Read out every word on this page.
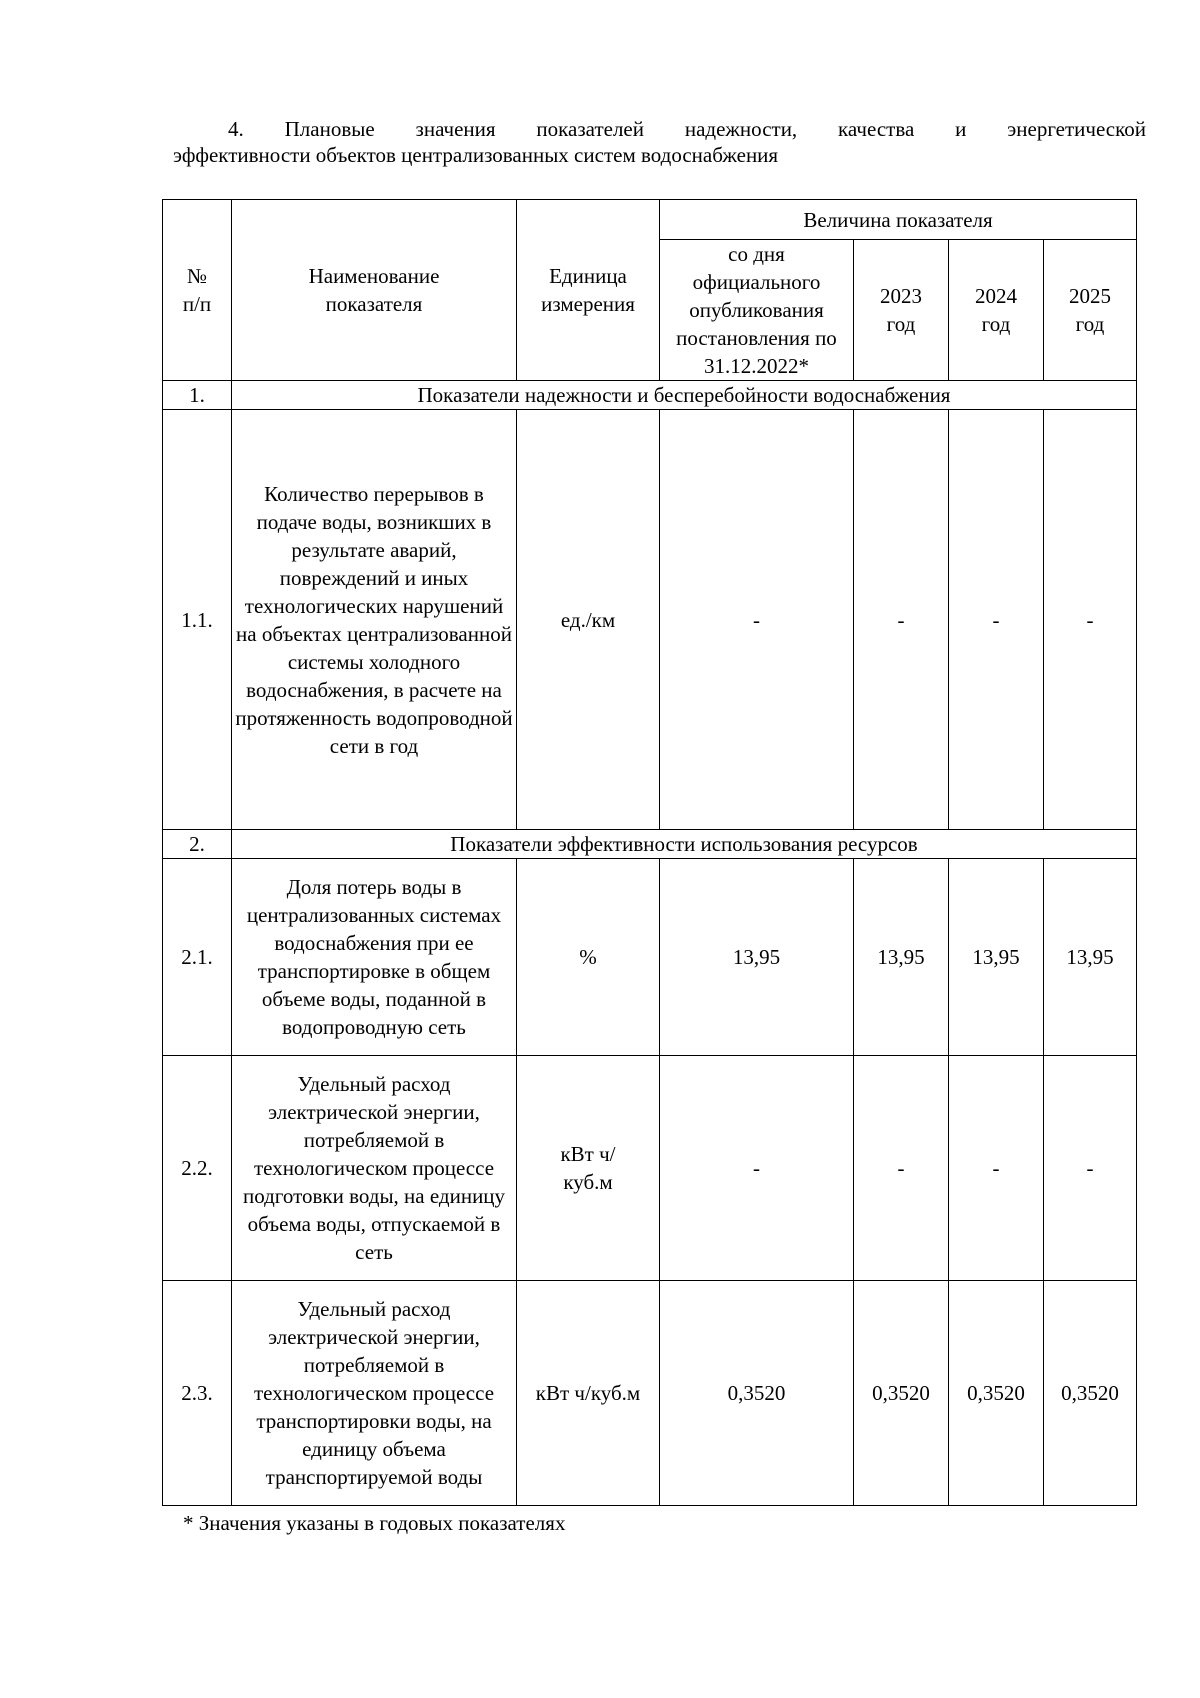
4. Плановые значения показателей надежности, качества и энергетической
эффективности объектов централизованных систем водоснабжения
№ п/п	Наименование показателя	Единица измерения	Величина показателя			
			со дня официального опубликования постановления по 31.12.2022*	2023 год	2024 год	2025 год
1.	Показатели надежности и бесперебойности водоснабжения					
1.1.	Количество перерывов в подаче воды, возникших в результате аварий, повреждений и иных технологических нарушений на объектах централизованной системы холодного водоснабжения, в расчете на протяженность водопроводной сети в год	ед./км	-	-	-	-
2.	Показатели эффективности использования ресурсов					
2.1.	Доля потерь воды в централизованных системах водоснабжения при ее транспортировке в общем объеме воды, поданной в водопроводную сеть	%	13,95	13,95	13,95	13,95
2.2.	Удельный расход электрической энергии, потребляемой в технологическом процессе подготовки воды, на единицу объема воды, отпускаемой в сеть	кВт ч/ куб.м	-	-	-	-
2.3.	Удельный расход электрической энергии, потребляемой в технологическом процессе транспортировки воды, на единицу объема транспортируемой воды	кВт ч/куб.м	0,3520	0,3520	0,3520	0,3520
* Значения указаны в годовых показателях
